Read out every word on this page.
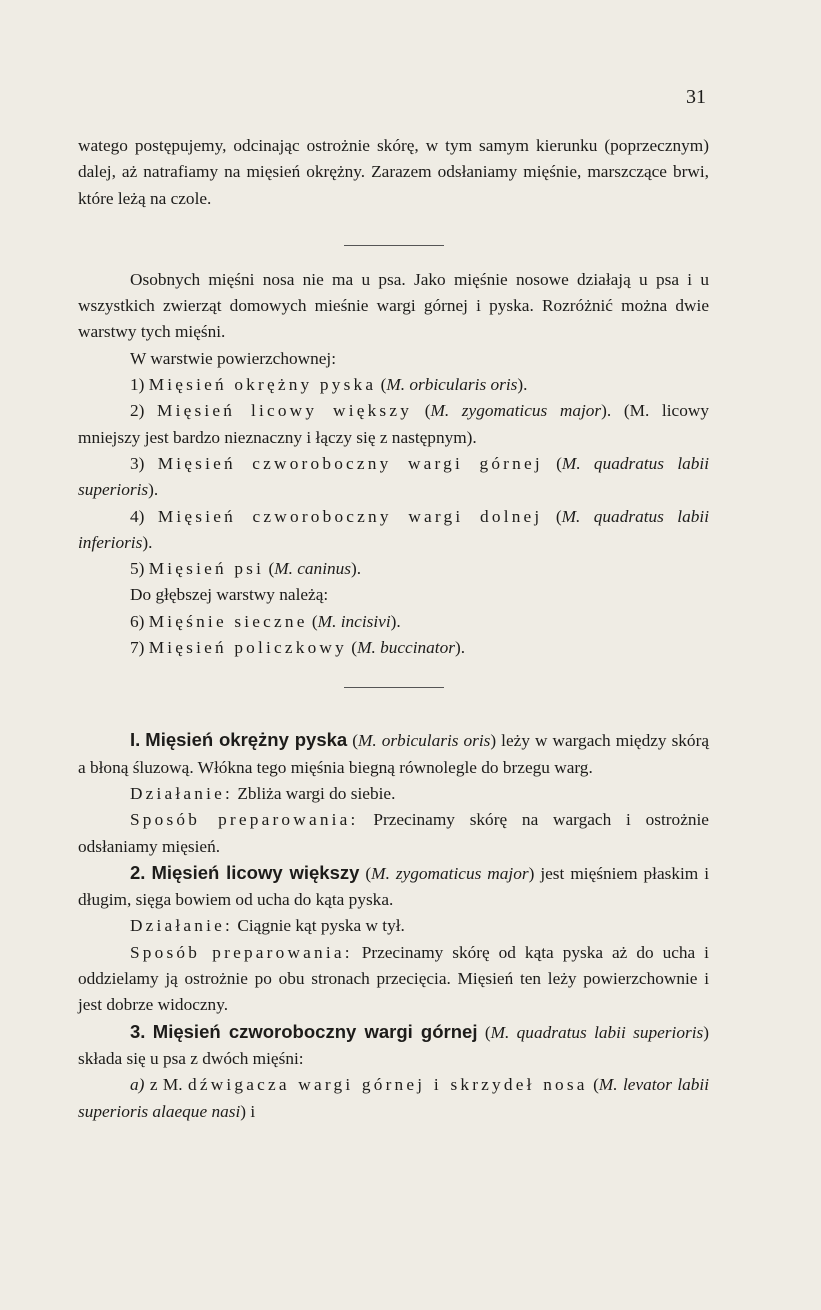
31

watego postępujemy, odcinając ostrożnie skórę, w tym samym kierunku (poprzecznym) dalej, aż natrafiamy na mięsień okrężny. Zarazem odsłaniamy mięśnie, marszczące brwi, które leżą na czole.

Osobnych mięśni nosa nie ma u psa. Jako mięśnie nosowe działają u psa i u wszystkich zwierząt domowych mieśnie wargi górnej i pyska. Rozróżnić można dwie warstwy tych mięśni.

W warstwie powierzchownej:

1) Mięsień okrężny pyska (M. orbicularis oris).

2) Mięsień licowy większy (M. zygomaticus major). (M. licowy mniejszy jest bardzo nieznaczny i łączy się z następnym).

3) Mięsień czworoboczny wargi górnej (M. quadratus labii superioris).

4) Mięsień czworoboczny wargi dolnej (M. quadratus labii inferioris).

5) Mięsień psi (M. caninus).

Do głębszej warstwy należą:

6) Mięśnie sieczne (M. incisivi).

7) Mięsień policzkowy (M. buccinator).

I. Mięsień okrężny pyska (M. orbicularis oris) leży w wargach między skórą a błoną śluzową. Włókna tego mięśnia biegną równolegle do brzegu warg.

Działanie: Zbliża wargi do siebie.

Sposób preparowania: Przecinamy skórę na wargach i ostrożnie odsłaniamy mięsień.

2. Mięsień licowy większy (M. zygomaticus major) jest mięśniem płaskim i długim, sięga bowiem od ucha do kąta pyska.

Działanie: Ciągnie kąt pyska w tył.

Sposób preparowania: Przecinamy skórę od kąta pyska aż do ucha i oddzielamy ją ostrożnie po obu stronach przecięcia. Mięsień ten leży powierzchownie i jest dobrze widoczny.

3. Mięsień czworoboczny wargi górnej (M. quadratus labii superioris) składa się u psa z dwóch mięśni:

a) z M. dźwigacza wargi górnej i skrzydeł nosa (M. levator labii superioris alaeque nasi) i
